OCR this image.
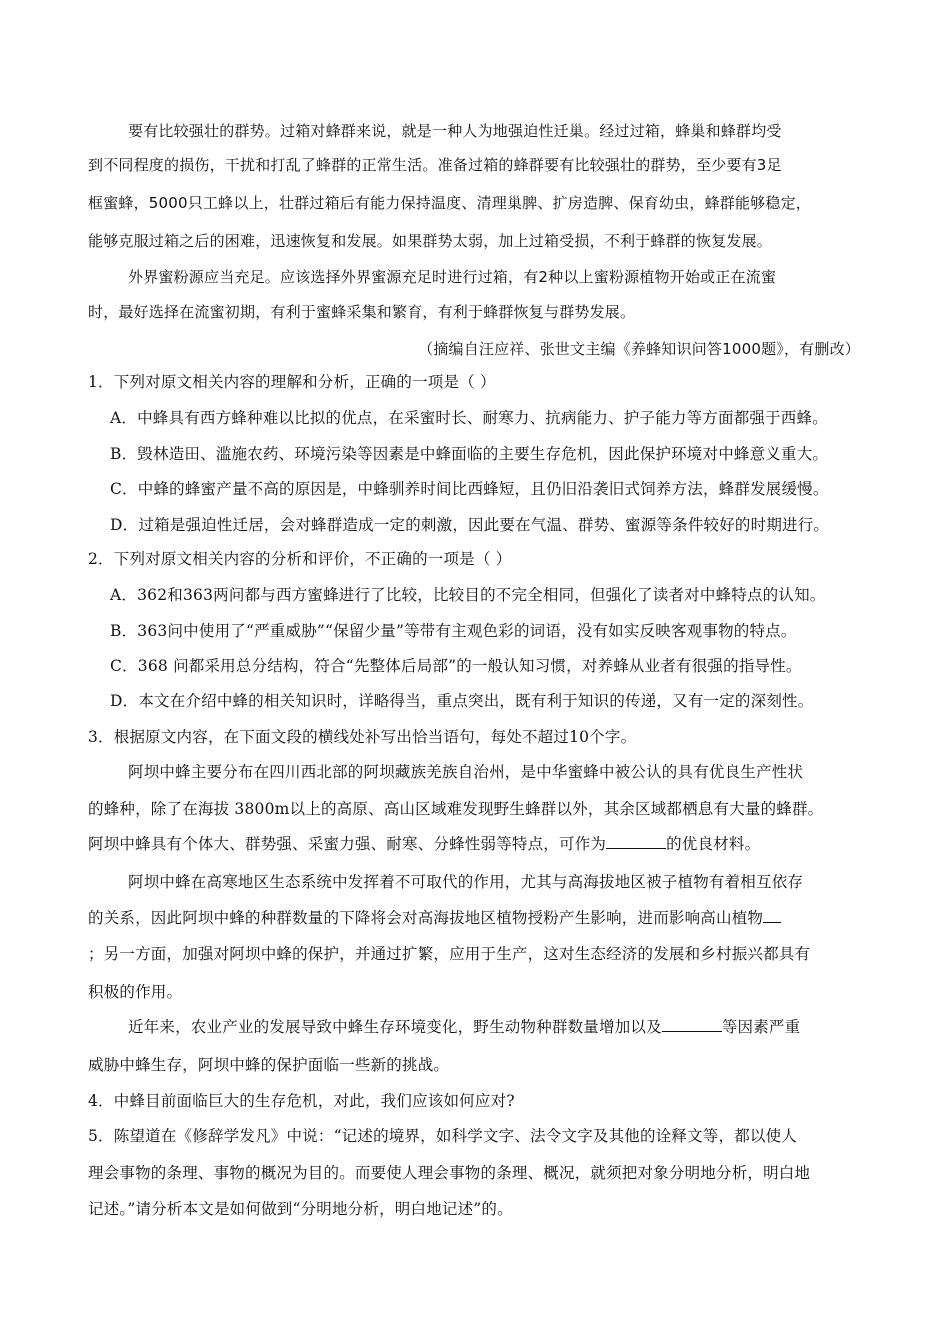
要有比较强壮的群势。过箱对蜂群来说，就是一种人为地强迫性迁巢。经过过箱，蜂巢和蜂群均受
到不同程度的损伤，干扰和打乱了蜂群的正常生活。准备过箱的蜂群要有比较强壮的群势，至少要有3足
框蜜蜂，5000只工蜂以上，壮群过箱后有能力保持温度、清理巢脾、扩房造脾、保育幼虫，蜂群能够稳定，
能够克服过箱之后的困难，迅速恢复和发展。如果群势太弱，加上过箱受损，不利于蜂群的恢复发展。
外界蜜粉源应当充足。应该选择外界蜜源充足时进行过箱，有2种以上蜜粉源植物开始或正在流蜜
时，最好选择在流蜜初期，有利于蜜蜂采集和繁育，有利于蜂群恢复与群势发展。
（摘编自汪应祥、张世文主编《养蜂知识问答1000题》，有删改）
1．下列对原文相关内容的理解和分析，正确的一项是（ ）
A．中蜂具有西方蜂种难以比拟的优点，在采蜜时长、耐寒力、抗病能力、护子能力等方面都强于西蜂。
B．毁林造田、滥施农药、环境污染等因素是中蜂面临的主要生存危机，因此保护环境对中蜂意义重大。
C．中蜂的蜂蜜产量不高的原因是，中蜂驯养时间比西蜂短，且仍旧沿袭旧式饲养方法，蜂群发展缓慢。
D．过箱是强迫性迁居，会对蜂群造成一定的刺激，因此要在气温、群势、蜜源等条件较好的时期进行。
2．下列对原文相关内容的分析和评价，不正确的一项是（ ）
A．362和363两问都与西方蜜蜂进行了比较，比较目的不完全相同，但强化了读者对中蜂特点的认知。
B．363问中使用了“严重威胁”“保留少量”等带有主观色彩的词语，没有如实反映客观事物的特点。
C．368 问都采用总分结构，符合“先整体后局部”的一般认知习惯，对养蜂从业者有很强的指导性。
D．本文在介绍中蜂的相关知识时，详略得当，重点突出，既有利于知识的传递，又有一定的深刻性。
3．根据原文内容，在下面文段的横线处补写出恰当语句，每处不超过10个字。
阿坝中蜂主要分布在四川西北部的阿坝藏族羌族自治州，是中华蜜蜂中被公认的具有优良生产性状
的蜂种，除了在海拔 3800m以上的高原、高山区域难发现野生蜂群以外，其余区域都栖息有大量的蜂群。
阿坝中蜂具有个体大、群势强、采蜜力强、耐寒、分蜂性弱等特点，可作为	的优良材料。
阿坝中蜂在高寒地区生态系统中发挥着不可取代的作用，尤其与高海拔地区被子植物有着相互依存
的关系，因此阿坝中蜂的种群数量的下降将会对高海拔地区植物授粉产生影响，进而影响高山植物
；另一方面，加强对阿坝中蜂的保护，并通过扩繁，应用于生产，这对生态经济的发展和乡村振兴都具有
积极的作用。
近年来，农业产业的发展导致中蜂生存环境变化，野生动物种群数量增加以及	等因素严重
威胁中蜂生存，阿坝中蜂的保护面临一些新的挑战。
4．中蜂目前面临巨大的生存危机，对此，我们应该如何应对?
5．陈望道在《修辞学发凡》中说：“记述的境界，如科学文字、法令文字及其他的诠释文等，都以使人
理会事物的条理、事物的概况为目的。而要使人理会事物的条理、概况，就须把对象分明地分析，明白地
记述。”请分析本文是如何做到“分明地分析，明白地记述”的。
